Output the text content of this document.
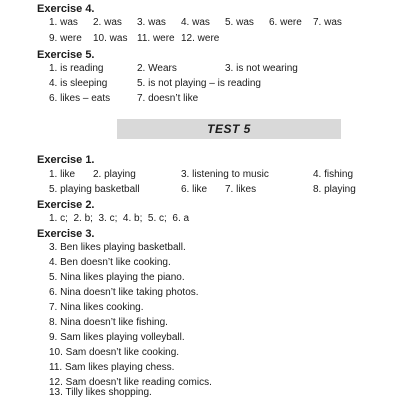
Exercise 4.
1. was 2. was 3. was 4. was 5. was 6. were 7. was
9. were 10. was 11. were 12. were
Exercise 5.
1. is reading	2. Wears	3. is not wearing
4. is sleeping	5. is not playing – is reading
6. likes – eats	7. doesn’t like
TEST 5
Exercise 1.
1. like 2. playing	3. listening to music	4. fishing
5. playing basketball	6. like 7. likes	8. playing
Exercise 2.
1. c;  2. b;  3. c;  4. b;  5. c;  6. a
Exercise 3.
3. Ben likes playing basketball.
4. Ben doesn’t like cooking.
5. Nina likes playing the piano.
6. Nina doesn’t like taking photos.
7. Nina likes cooking.
8. Nina doesn’t like fishing.
9. Sam likes playing volleyball.
10. Sam doesn’t like cooking.
11. Sam likes playing chess.
12. Sam doesn’t like reading comics.
13. Tilly likes shopping.
